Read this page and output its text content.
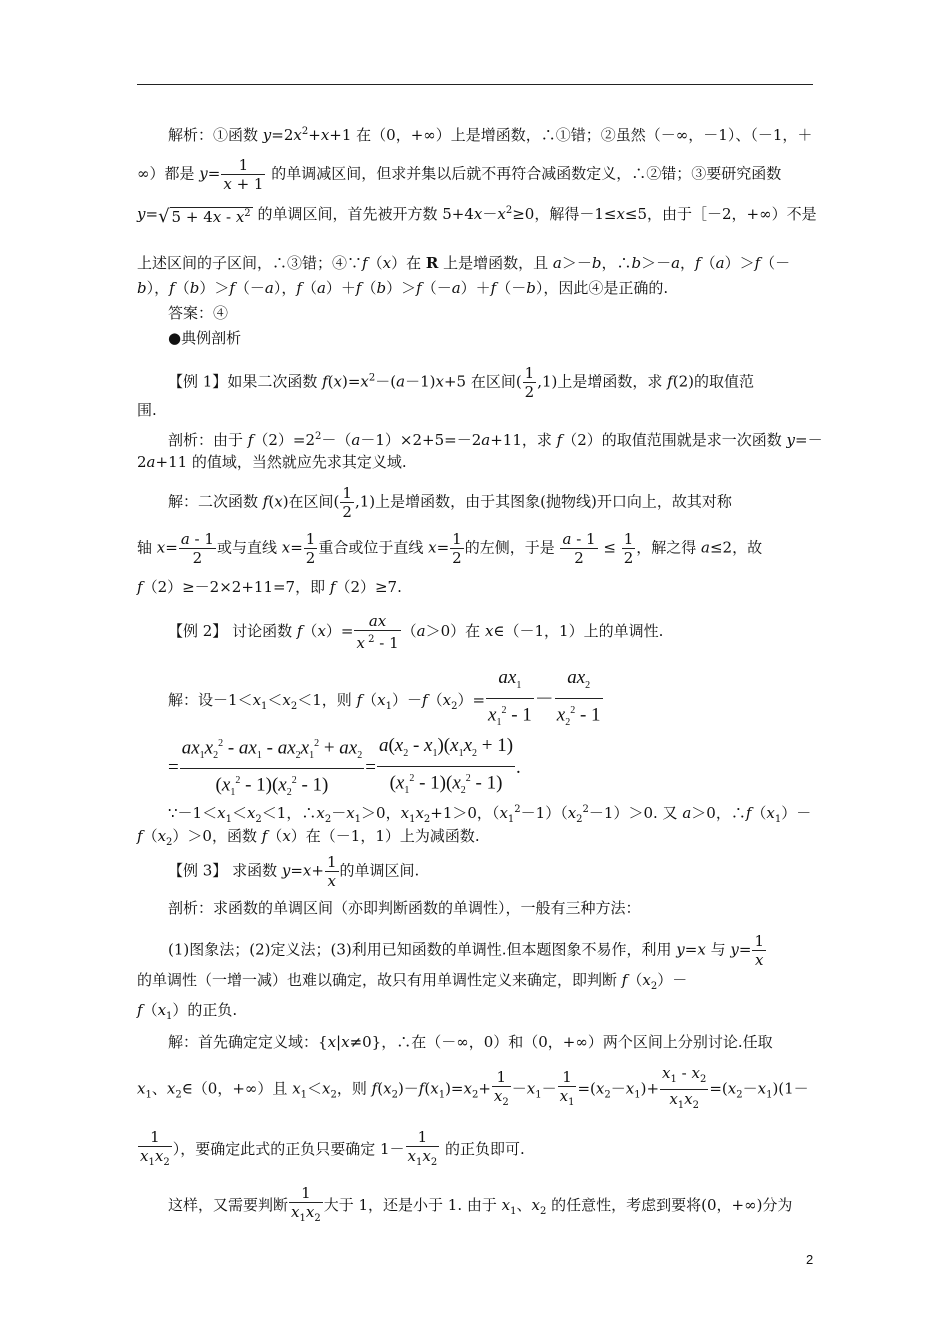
解析：①函数 $y=2x^2+x+1$ 在（0，+∞）上是增函数，∴①错；②虽然（－∞，－1）、（－1，＋
∞）都是 $y= \frac{1}{x + 1}$ 的单调减区间，但求并集以后就不再符合减函数定义，∴②错；③要研究函数
y=√ $5 + 4x - x^2$ 的单调区间，首先被开方数 $5+4x-x^2\ge 0$，解得－1≤x≤5，由于［－2，+∞）不是
上述区间的子区间，∴③错；④∵f（x）在 R 上是增函数，且 a＞－b，∴b＞－a，f（a）＞f（－
b），f（b）＞f（－a），f（a）＋f（b）＞f（－a）＋f（－b），因此④是正确的.
答案：④
●典例剖析
【例 1】如果二次函数 $f(x)=x^2-(a-1)x+5$ 在区间( $\frac{1}{2} ,1$)上是增函数，求 f(2)的取值范
围.
剖析：由于 $f(2)=2^2-(a-1)\times 2+5=-2a+11$，求 f（2）的取值范围就是求一次函数 y=－
2a+11 的值域，当然就应先求其定义域.
解：二次函数 f(x)在区间( $\frac{1}{2} ,1$)上是增函数，由于其图象(抛物线)开口向上，故其对称
轴 $x= \frac{a - 1}{2}$ 或与直线 $x= \frac{1}{2}$ 重合或位于直线 $x= \frac{1}{2}$ 的左侧，于是 $\frac{a - 1}{2} \le \frac{1}{2}$ ，解之得 a≤2，故
f（2）≥－2×2+11=7，即 f（2）≥7.
【例 2】 讨论函数 $f(x)= \frac{ax}{x ^2 - 1} (a>0)$在 x∈（－1，1）上的单调性.
解：设$-1<x_1<x_2<1$，则 $f(x_1)-f(x_2)= \frac{ax_1}{x_1^2 - 1} - \frac{ax_2}{x_2^2 - 1}$
= $\frac{ax_1x_2^2 - ax_1 - ax_2x_1^2 + ax_2}{(x_1^2 - 1)(x_2^2 - 1)} = \frac{a(x_2 - x_1)(x_1x_2 + 1)}{(x_1^2 - 1)(x_2^2 - 1)}$ .
$\because-1<x_1<x_2<1$，$\therefore x_2-x_1>0$，$x_1x_2+1>0$，$(x_1^2-1)(x_2^2-1)>0$. 又 a＞0，$\therefore f(x_1)-$
$f(x_2)>0$，函数 f（x）在（－1，1）上为减函数.
【例 3】 求函数 $y=x+ \frac{1}{x}$ 的单调区间.
剖析：求函数的单调区间（亦即判断函数的单调性），一般有三种方法：
(1)图象法；(2)定义法；(3)利用已知函数的单调性.但本题图象不易作，利用 y=x 与 $y= \frac{1}{x}$
的单调性（一增一减）也难以确定，故只有用单调性定义来确定，即判断 $f(x_2)-$
$f(x_1)$的正负.
解：首先确定定义域：{x|x≠0}，∴在（－∞，0）和（0，+∞）两个区间上分别讨论.任取
$x_1$、$x_2\in(0$，+∞）且 $x_1<x_2$，则 $f(x_2)-f(x_1)=x_2+ \frac{1}{x_2} -x_1- \frac{1}{x_1} =(x_2-x_1)+ \frac{x_1 - x_2}{x_1x_2} =(x_2-x_1)(1-$
$\frac{1}{x_1x_2}$ ），要确定此式的正负只要确定 $1- \frac{1}{x_1x_2}$ 的正负即可.
这样，又需要判断 $\frac{1}{x_1x_2}$ 大于 1，还是小于 1. 由于 $x_1$、$x_2$ 的任意性，考虑到要将(0，+∞)分为
2
